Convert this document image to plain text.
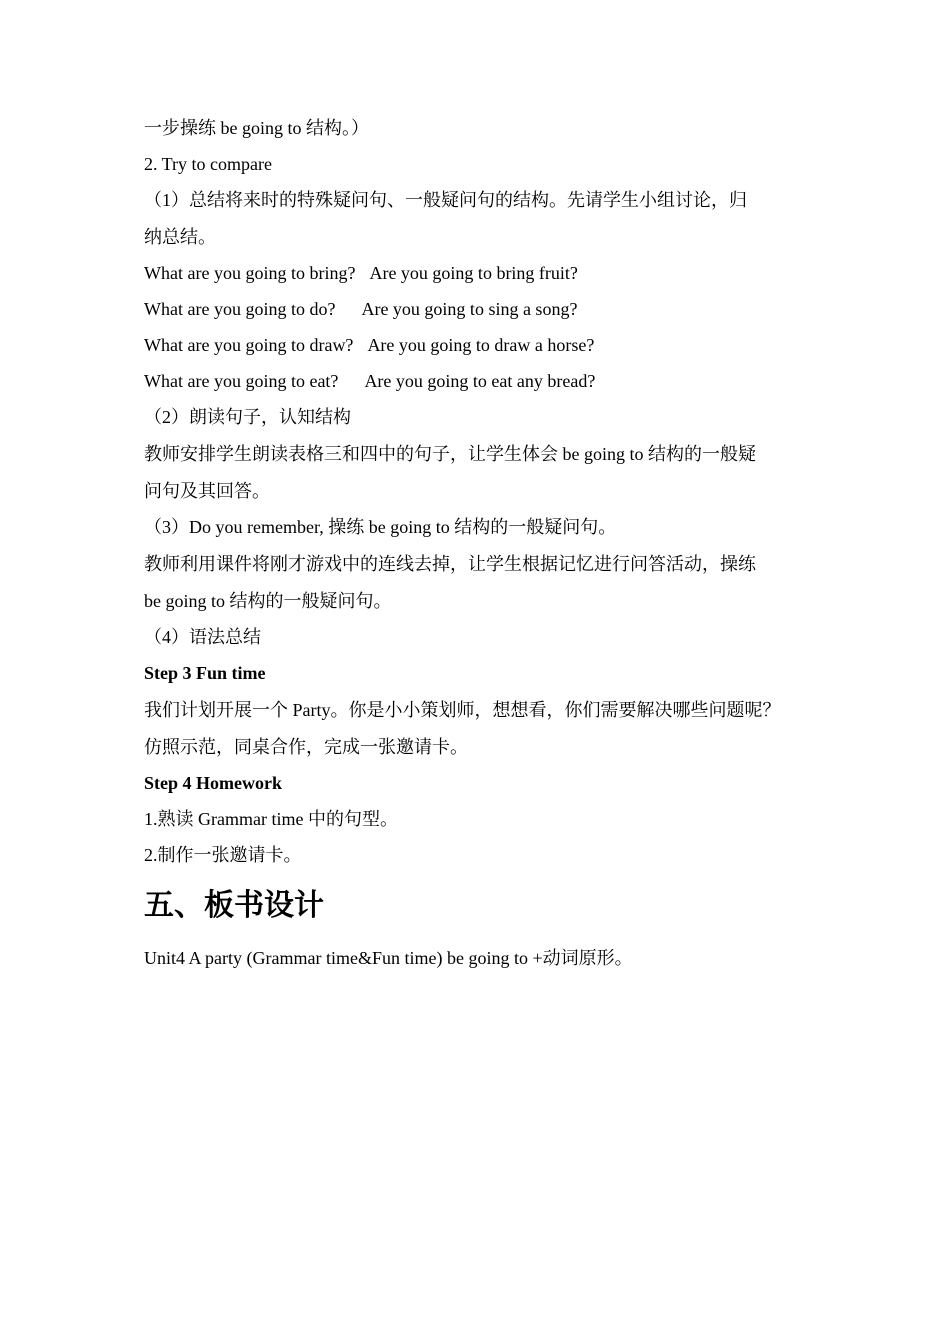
一步操练 be going to 结构。）
2. Try to compare
（1）总结将来时的特殊疑问句、一般疑问句的结构。先请学生小组讨论，归
纳总结。
What are you going to bring? Are you going to bring fruit?
What are you going to do? Are you going to sing a song?
What are you going to draw? Are you going to draw a horse?
What are you going to eat? Are you going to eat any bread?
（2）朗读句子，认知结构
教师安排学生朗读表格三和四中的句子，让学生体会 be going to 结构的一般疑
问句及其回答。
（3）Do you remember, 操练 be going to 结构的一般疑问句。
教师利用课件将刚才游戏中的连线去掉，让学生根据记忆进行问答活动，操练
be going to 结构的一般疑问句。
（4）语法总结
Step 3 Fun time
我们计划开展一个 Party。你是小小策划师，想想看，你们需要解决哪些问题呢？
仿照示范，同桌合作，完成一张邀请卡。
Step 4 Homework
1.熟读 Grammar time 中的句型。
2.制作一张邀请卡。
五、板书设计
Unit4 A party (Grammar time&Fun time) be going to +动词原形。
